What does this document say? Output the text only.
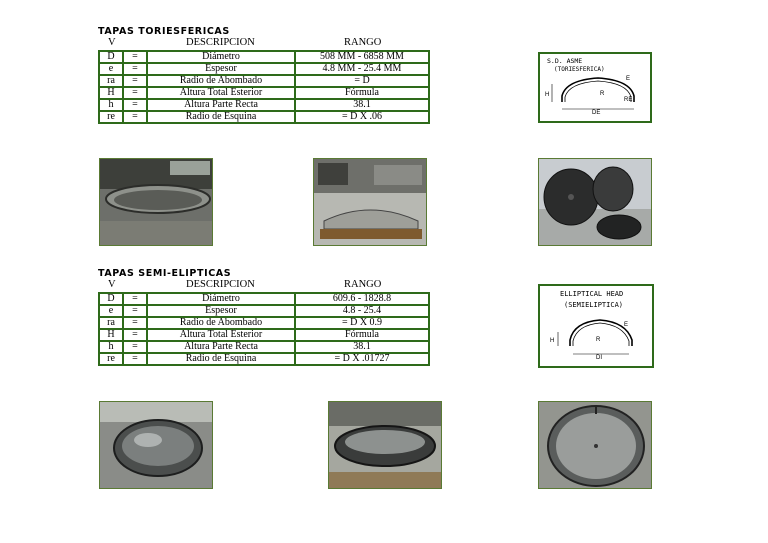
TAPAS TORIESFERICAS
V	DESCRIPCION	RANGO
D	=	Diámetro	508 MM - 6858 MM
e	=	Espesor	4.8 MM - 25.4 MM
ra	=	Radio de Abombado	= D
H	=	Altura Total Esterior	Fórmula
h	=	Altura Parte Recta	38.1
re	=	Radio de Esquina	= D X .06
S.D. ASME
(TORIESFERICA)
H
E
R
RE
DE
TAPAS SEMI-ELIPTICAS
V	DESCRIPCION	RANGO
D	=	Diámetro	609.6 - 1828.8
e	=	Espesor	4.8 - 25.4
ra	=	Radio de Abombado	= D X 0.9
H	=	Altura Total Esterior	Fórmula
h	=	Altura Parte Recta	38.1
re	=	Radio de Esquina	= D X .01727
ELLIPTICAL HEAD
(SEMIELIPTICA)
H
E
R
DI
